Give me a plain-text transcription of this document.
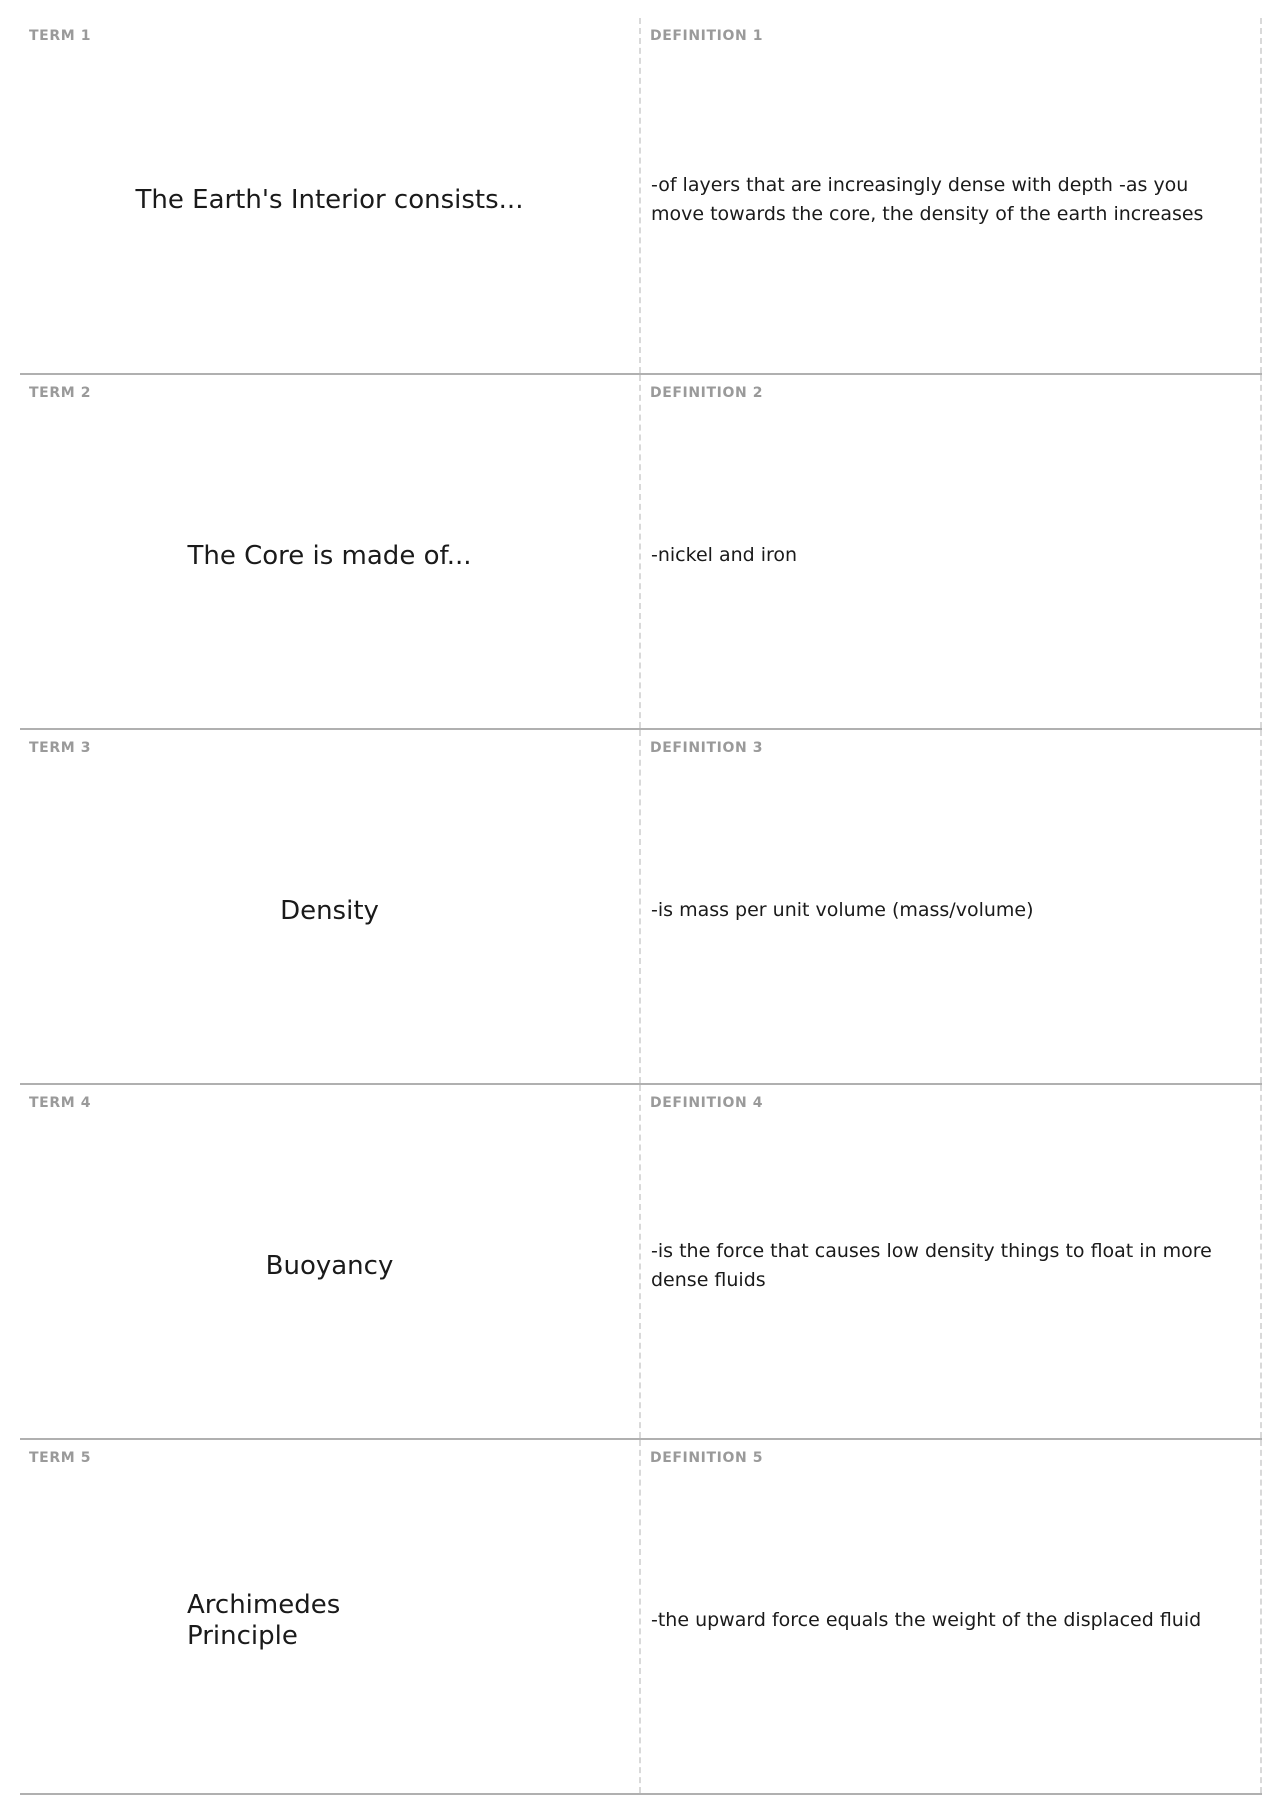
TERM 1
The Earth's Interior consists...
DEFINITION 1
-of layers that are increasingly dense with depth -as you move towards the core, the density of the earth increases
TERM 2
The Core is made of...
DEFINITION 2
-nickel and iron
TERM 3
Density
DEFINITION 3
-is mass per unit volume (mass/volume)
TERM 4
Buoyancy
DEFINITION 4
-is the force that causes low density things to float in more dense fluids
TERM 5
Archimedes Principle
DEFINITION 5
-the upward force equals the weight of the displaced fluid
